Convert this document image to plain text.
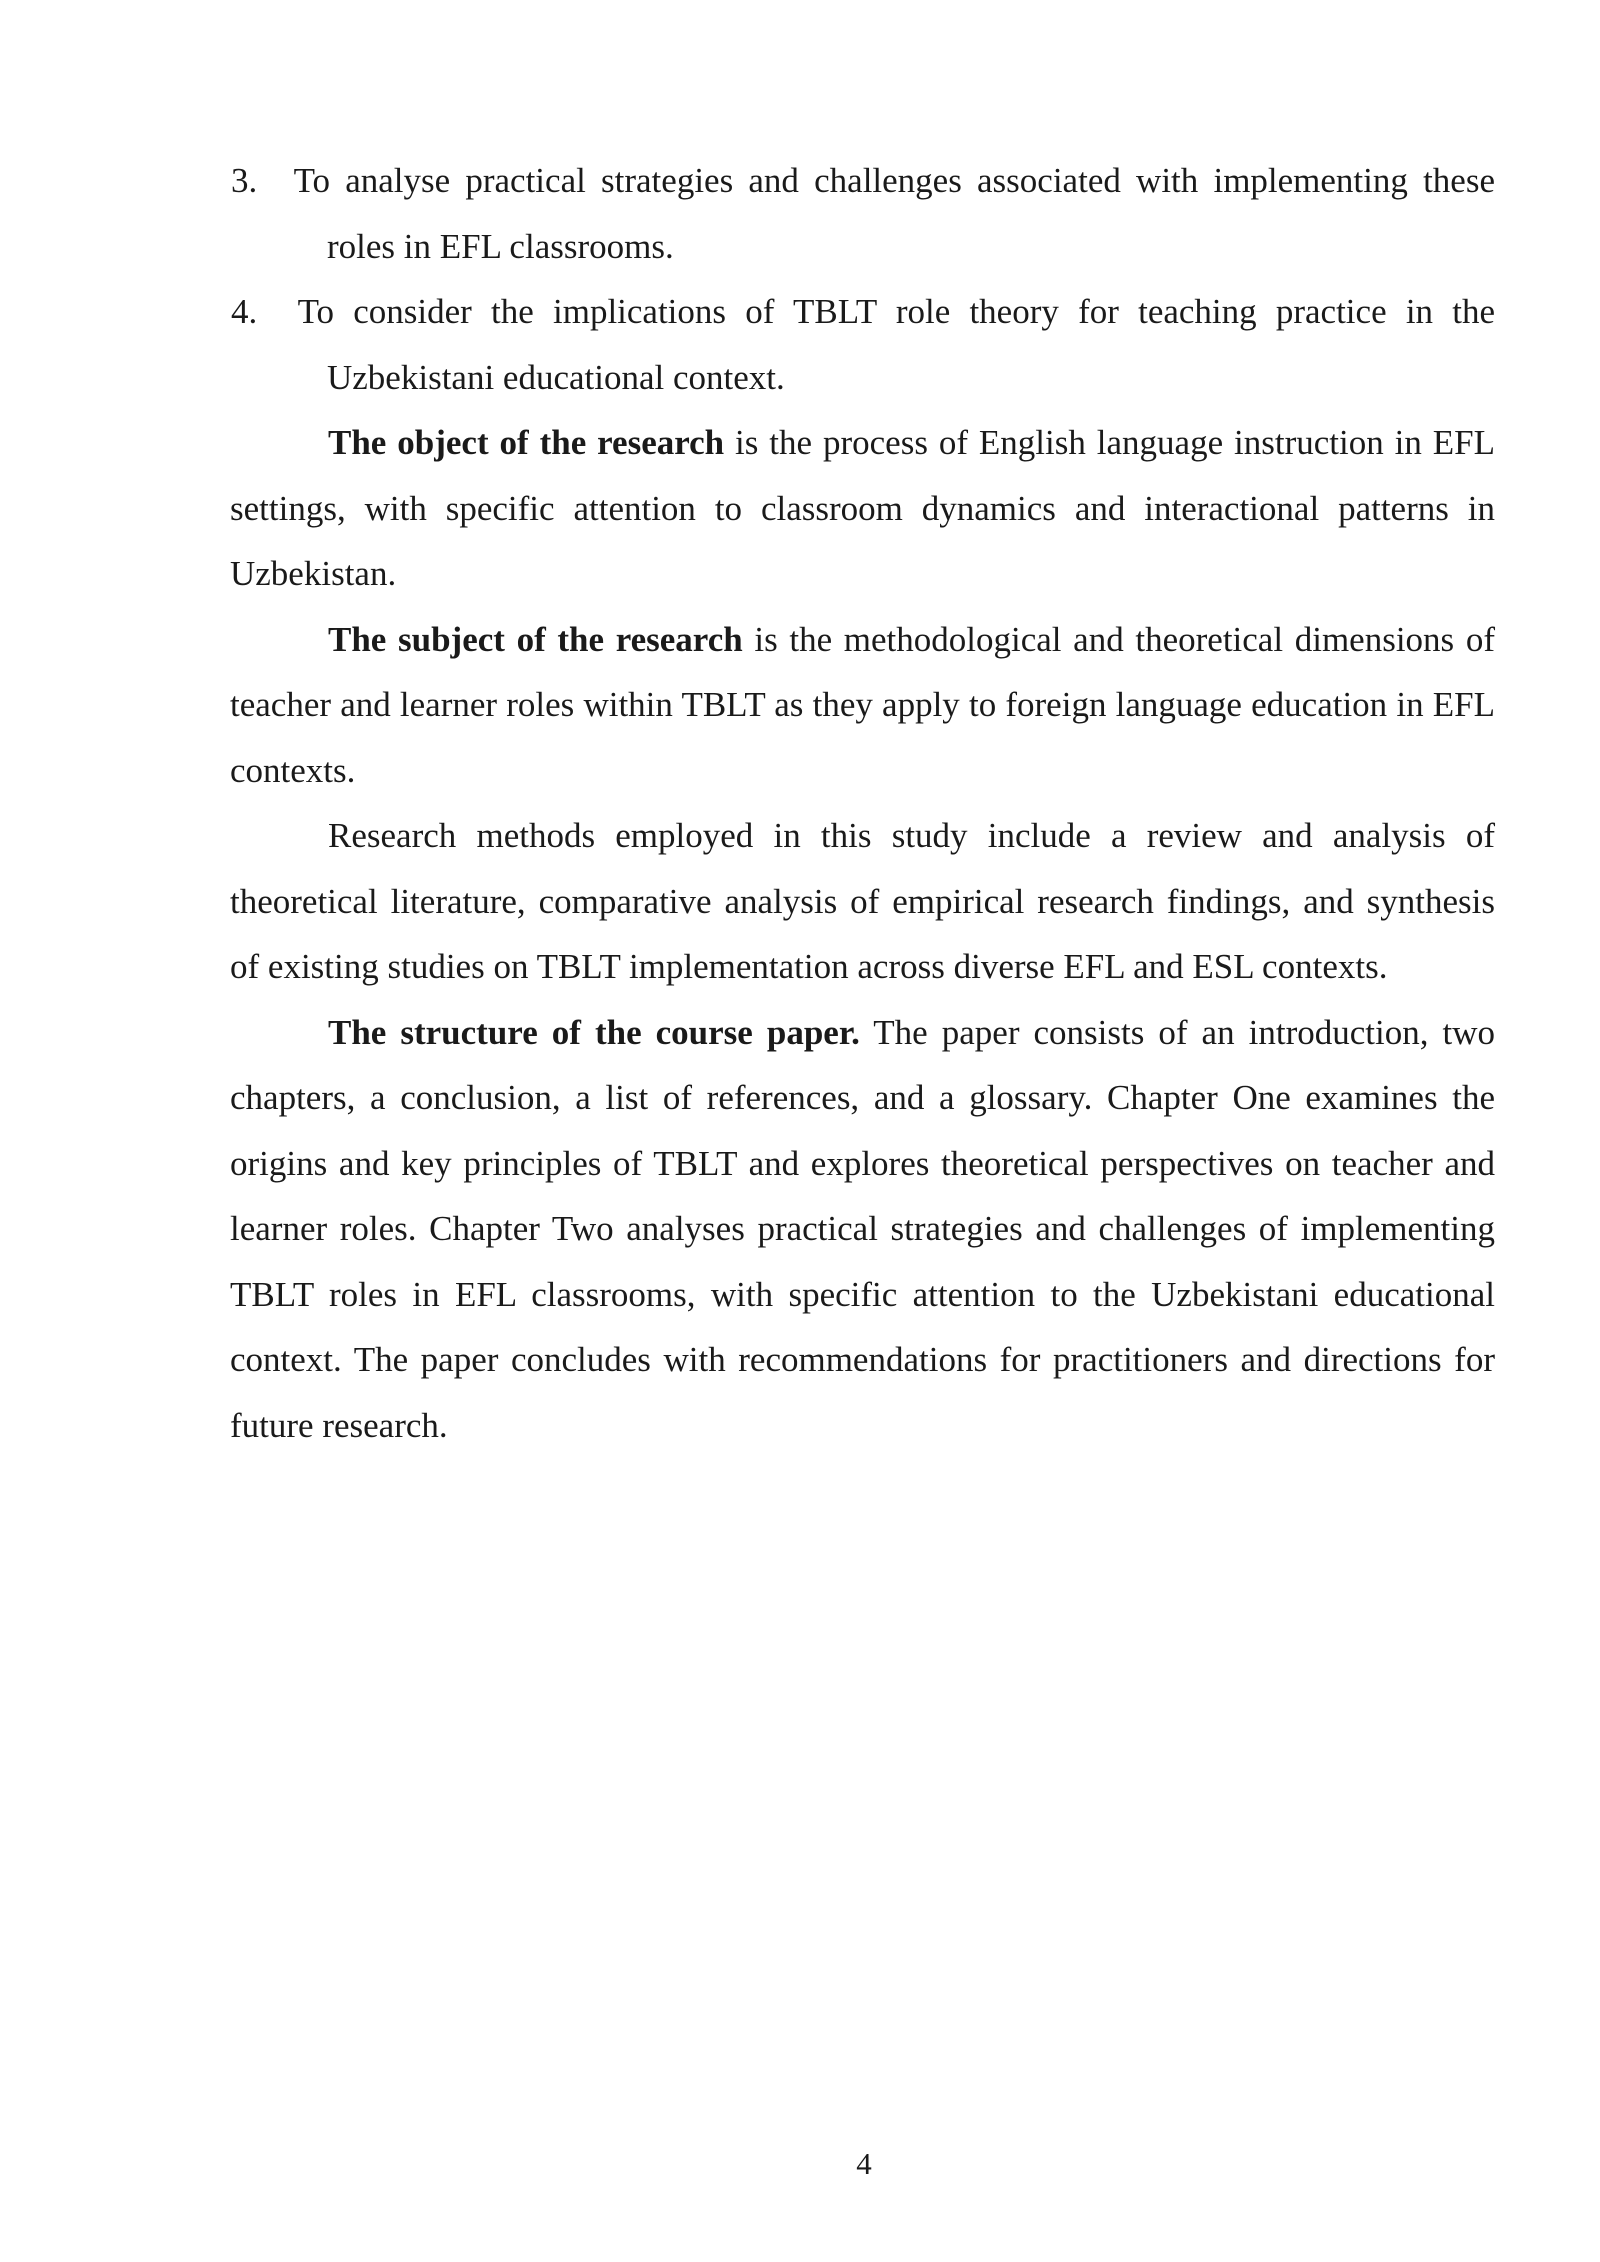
3. To analyse practical strategies and challenges associated with implementing these roles in EFL classrooms.
4. To consider the implications of TBLT role theory for teaching practice in the Uzbekistani educational context.

The object of the research is the process of English language instruction in EFL settings, with specific attention to classroom dynamics and interactional patterns in Uzbekistan.

The subject of the research is the methodological and theoretical dimensions of teacher and learner roles within TBLT as they apply to foreign language education in EFL contexts.

Research methods employed in this study include a review and analysis of theoretical literature, comparative analysis of empirical research findings, and synthesis of existing studies on TBLT implementation across diverse EFL and ESL contexts.

The structure of the course paper. The paper consists of an introduction, two chapters, a conclusion, a list of references, and a glossary. Chapter One examines the origins and key principles of TBLT and explores theoretical perspectives on teacher and learner roles. Chapter Two analyses practical strategies and challenges of implementing TBLT roles in EFL classrooms, with specific attention to the Uzbekistani educational context. The paper concludes with recommendations for practitioners and directions for future research.

4
